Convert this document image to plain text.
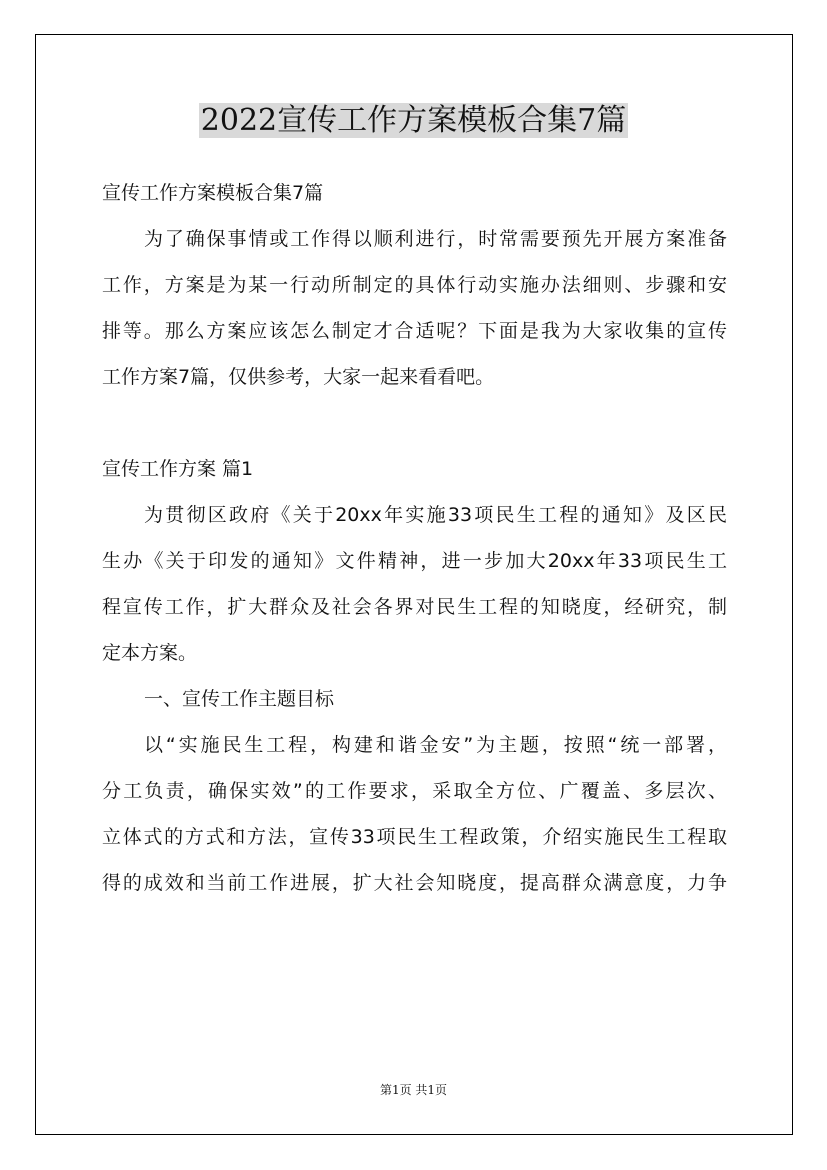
2022宣传工作方案模板合集7篇
宣传工作方案模板合集7篇
为了确保事情或工作得以顺利进行，时常需要预先开展方案准备
工作，方案是为某一行动所制定的具体行动实施办法细则、步骤和安
排等。那么方案应该怎么制定才合适呢？下面是我为大家收集的宣传
工作方案7篇，仅供参考，大家一起来看看吧。
宣传工作方案 篇1
为贯彻区政府《关于20xx年实施33项民生工程的通知》及区民
生办《关于印发的通知》文件精神，进一步加大20xx年33项民生工
程宣传工作，扩大群众及社会各界对民生工程的知晓度，经研究，制
定本方案。
一、宣传工作主题目标
以“实施民生工程，构建和谐金安”为主题，按照“统一部署，
分工负责，确保实效”的工作要求，采取全方位、广覆盖、多层次、
立体式的方式和方法，宣传33项民生工程政策，介绍实施民生工程取
得的成效和当前工作进展，扩大社会知晓度，提高群众满意度，力争
第1页 共1页
